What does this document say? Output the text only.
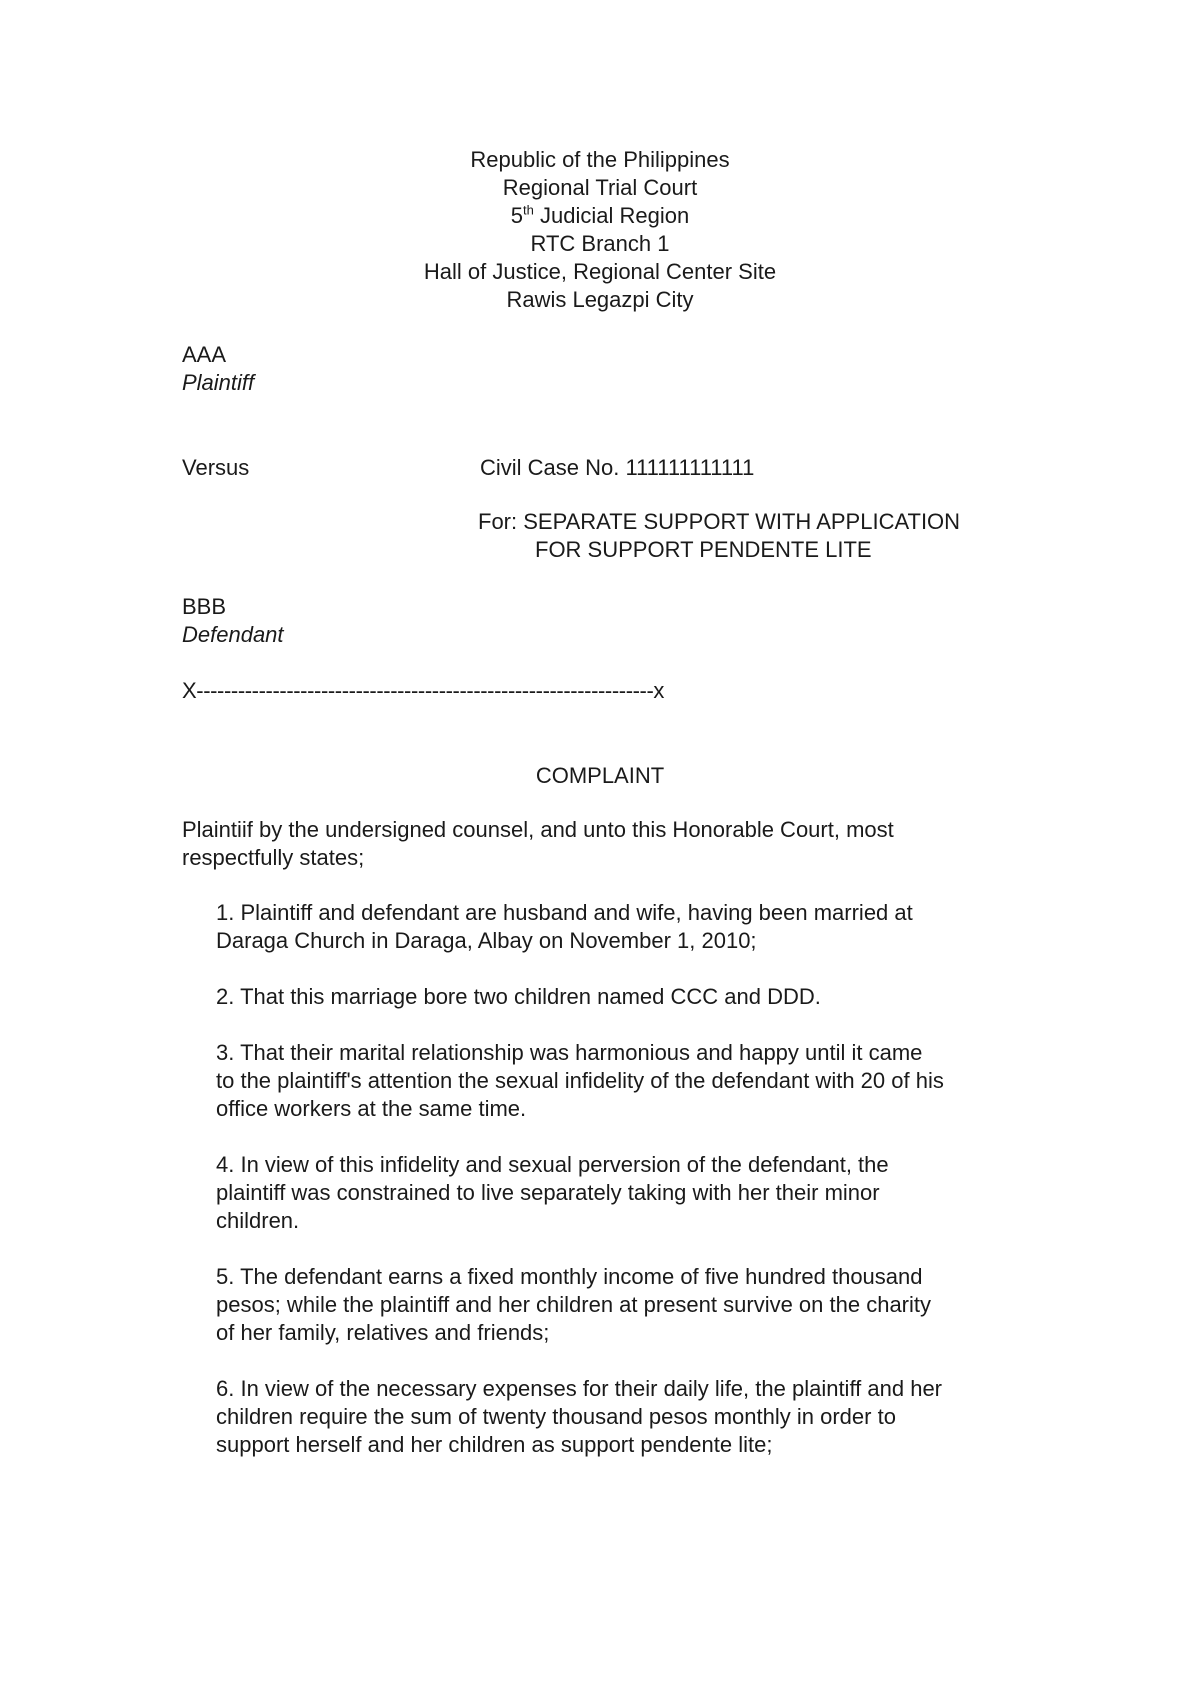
Republic of the Philippines
Regional Trial Court
5th Judicial Region
RTC Branch 1
Hall of Justice, Regional Center Site
Rawis Legazpi City
AAA
Plaintiff
Versus	Civil Case No. 111111111111
For: SEPARATE SUPPORT WITH APPLICATION
FOR SUPPORT PENDENTE LITE
BBB
Defendant
X------------------------------------------------------------------x
COMPLAINT
Plaintiif by the undersigned counsel, and unto this Honorable Court, most
respectfully states;
1. Plaintiff and defendant are husband and wife, having been married at
Daraga Church in Daraga, Albay on November 1, 2010;
2. That this marriage bore two children named CCC and DDD.
3. That their marital relationship was harmonious and happy until it came
to the plaintiff's attention the sexual infidelity of the defendant with 20 of his
office workers at the same time.
4. In view of this infidelity and sexual perversion of the defendant, the
plaintiff was constrained to live separately taking with her their minor
children.
5. The defendant earns a fixed monthly income of five hundred thousand
pesos; while the plaintiff and her children at present survive on the charity
of her family, relatives and friends;
6. In view of the necessary expenses for their daily life, the plaintiff and her
children require the sum of twenty thousand pesos monthly in order to
support herself and her children as support pendente lite;
